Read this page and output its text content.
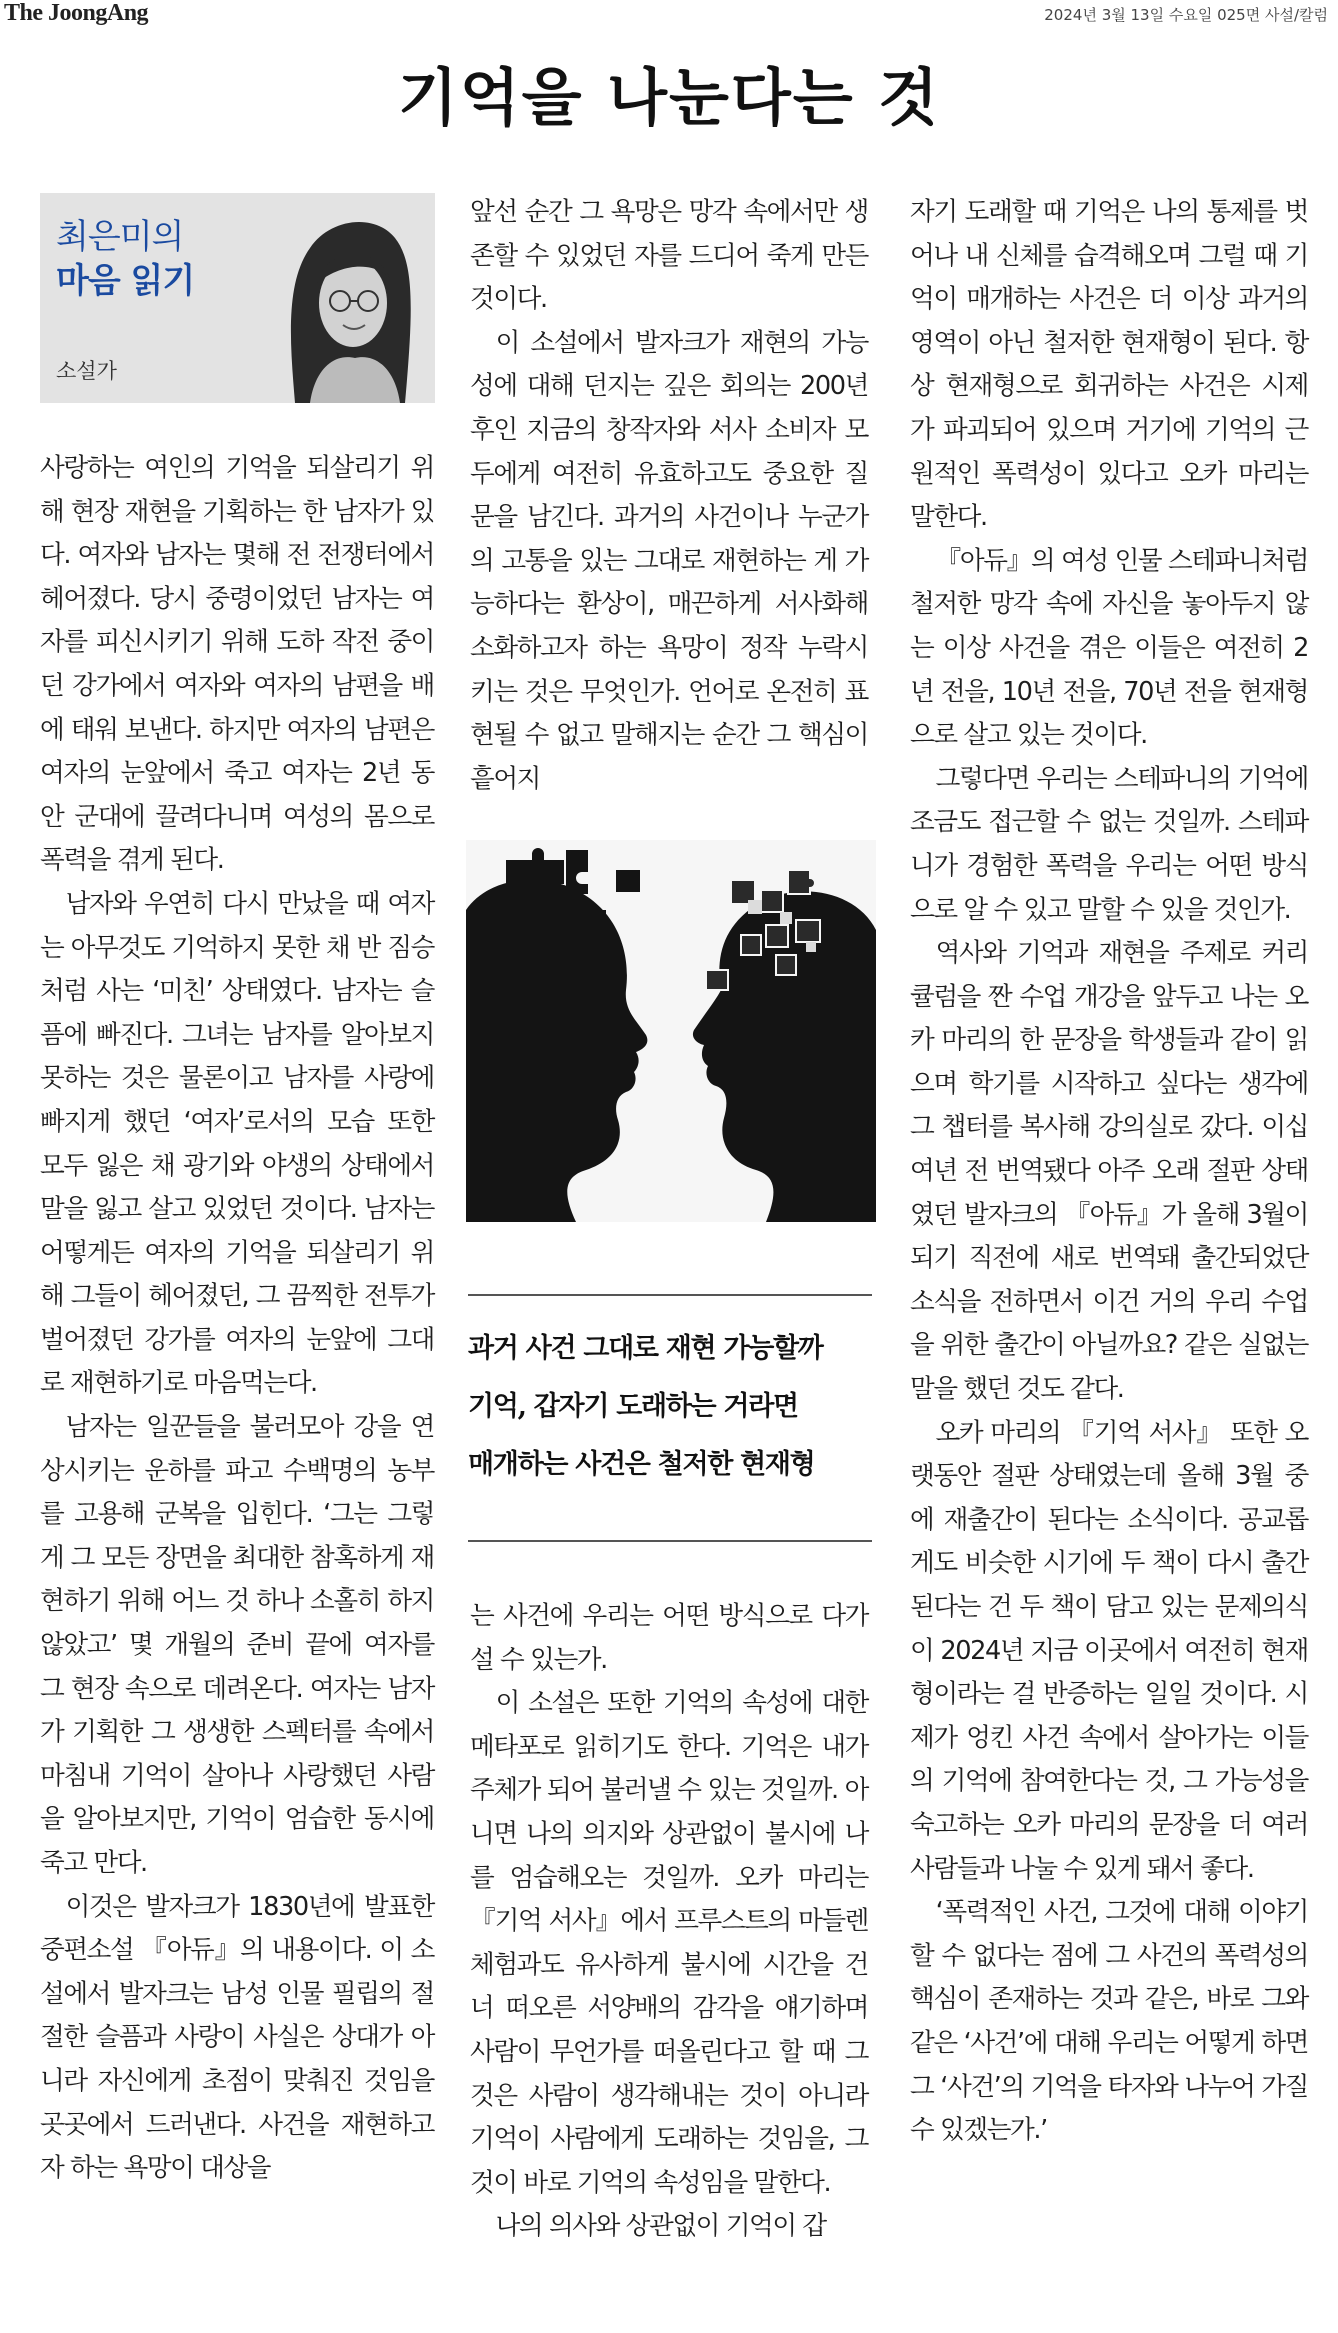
The JoongAng	2024년 3월 13일 수요일 025면 사설/칼럼
기억을 나눈다는 것
최은미의
마음 읽기
소설가

사랑하는 여인의 기억을 되살리기 위해 현장 재현을 기획하는 한 남자가 있다. 여자와 남자는 몇해 전 전쟁터에서 헤어졌다. 당시 중령이었던 남자는 여자를 피신시키기 위해 도하 작전 중이던 강가에서 여자와 여자의 남편을 배에 태워 보낸다. 하지만 여자의 남편은 여자의 눈앞에서 죽고 여자는 2년 동안 군대에 끌려다니며 여성의 몸으로 폭력을 겪게 된다.

남자와 우연히 다시 만났을 때 여자는 아무것도 기억하지 못한 채 반 짐승처럼 사는 ‘미친’ 상태였다. 남자는 슬픔에 빠진다. 그녀는 남자를 알아보지 못하는 것은 물론이고 남자를 사랑에 빠지게 했던 ‘여자’로서의 모습 또한 모두 잃은 채 광기와 야생의 상태에서 말을 잃고 살고 있었던 것이다. 남자는 어떻게든 여자의 기억을 되살리기 위해 그들이 헤어졌던, 그 끔찍한 전투가 벌어졌던 강가를 여자의 눈앞에 그대로 재현하기로 마음먹는다.

남자는 일꾼들을 불러모아 강을 연상시키는 운하를 파고 수백명의 농부를 고용해 군복을 입힌다. ‘그는 그렇게 그 모든 장면을 최대한 참혹하게 재현하기 위해 어느 것 하나 소홀히 하지 않았고’ 몇 개월의 준비 끝에 여자를 그 현장 속으로 데려온다. 여자는 남자가 기획한 그 생생한 스펙터를 속에서 마침내 기억이 살아나 사랑했던 사람을 알아보지만, 기억이 엄습한 동시에 죽고 만다.

이것은 발자크가 1830년에 발표한 중편소설 『아듀』의 내용이다. 이 소설에서 발자크는 남성 인물 필립의 절절한 슬픔과 사랑이 사실은 상대가 아니라 자신에게 초점이 맞춰진 것임을 곳곳에서 드러낸다. 사건을 재현하고자 하는 욕망이 대상을

앞선 순간 그 욕망은 망각 속에서만 생존할 수 있었던 자를 드디어 죽게 만든 것이다.

이 소설에서 발자크가 재현의 가능성에 대해 던지는 깊은 회의는 200년 후인 지금의 창작자와 서사 소비자 모두에게 여전히 유효하고도 중요한 질문을 남긴다. 과거의 사건이나 누군가의 고통을 있는 그대로 재현하는 게 가능하다는 환상이, 매끈하게 서사화해 소화하고자 하는 욕망이 정작 누락시키는 것은 무엇인가. 언어로 온전히 표현될 수 없고 말해지는 순간 그 핵심이 흩어지

과거 사건 그대로 재현 가능할까
기억, 갑자기 도래하는 거라면
매개하는 사건은 철저한 현재형

는 사건에 우리는 어떤 방식으로 다가설 수 있는가.

이 소설은 또한 기억의 속성에 대한 메타포로 읽히기도 한다. 기억은 내가 주체가 되어 불러낼 수 있는 것일까. 아니면 나의 의지와 상관없이 불시에 나를 엄습해오는 것일까. 오카 마리는 『기억 서사』에서 프루스트의 마들렌 체험과도 유사하게 불시에 시간을 건너 떠오른 서양배의 감각을 얘기하며 사람이 무언가를 떠올린다고 할 때 그것은 사람이 생각해내는 것이 아니라 기억이 사람에게 도래하는 것임을, 그것이 바로 기억의 속성임을 말한다.

나의 의사와 상관없이 기억이 갑

자기 도래할 때 기억은 나의 통제를 벗어나 내 신체를 습격해오며 그럴 때 기억이 매개하는 사건은 더 이상 과거의 영역이 아닌 철저한 현재형이 된다. 항상 현재형으로 회귀하는 사건은 시제가 파괴되어 있으며 거기에 기억의 근원적인 폭력성이 있다고 오카 마리는 말한다.

『아듀』의 여성 인물 스테파니처럼 철저한 망각 속에 자신을 놓아두지 않는 이상 사건을 겪은 이들은 여전히 2년 전을, 10년 전을, 70년 전을 현재형으로 살고 있는 것이다.

그렇다면 우리는 스테파니의 기억에 조금도 접근할 수 없는 것일까. 스테파니가 경험한 폭력을 우리는 어떤 방식으로 알 수 있고 말할 수 있을 것인가.

역사와 기억과 재현을 주제로 커리큘럼을 짠 수업 개강을 앞두고 나는 오카 마리의 한 문장을 학생들과 같이 읽으며 학기를 시작하고 싶다는 생각에 그 챕터를 복사해 강의실로 갔다. 이십여년 전 번역됐다 아주 오래 절판 상태였던 발자크의 『아듀』가 올해 3월이 되기 직전에 새로 번역돼 출간되었단 소식을 전하면서 이건 거의 우리 수업을 위한 출간이 아닐까요? 같은 실없는 말을 했던 것도 같다.

오카 마리의 『기억 서사』 또한 오랫동안 절판 상태였는데 올해 3월 중에 재출간이 된다는 소식이다. 공교롭게도 비슷한 시기에 두 책이 다시 출간된다는 건 두 책이 담고 있는 문제의식이 2024년 지금 이곳에서 여전히 현재형이라는 걸 반증하는 일일 것이다. 시제가 엉킨 사건 속에서 살아가는 이들의 기억에 참여한다는 것, 그 가능성을 숙고하는 오카 마리의 문장을 더 여러 사람들과 나눌 수 있게 돼서 좋다.

‘폭력적인 사건, 그것에 대해 이야기할 수 없다는 점에 그 사건의 폭력성의 핵심이 존재하는 것과 같은, 바로 그와 같은 ‘사건’에 대해 우리는 어떻게 하면 그 ‘사건’의 기억을 타자와 나누어 가질 수 있겠는가.’
